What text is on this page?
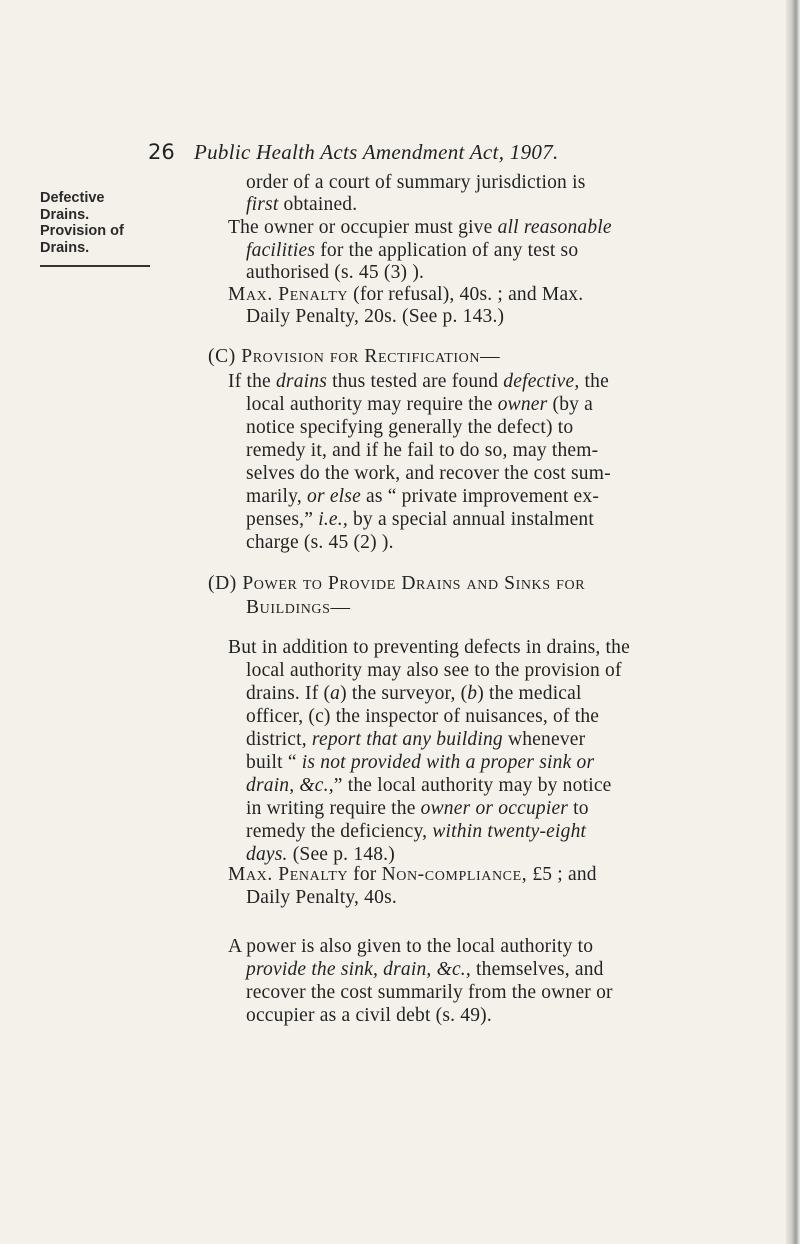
26 Public Health Acts Amendment Act, 1907.
Defective
Drains.
Provision of
Drains.
order of a court of summary jurisdiction is
first obtained.
The owner or occupier must give all reasonable
facilities for the application of any test so
authorised (s. 45 (3) ).
Max. Penalty (for refusal), 40s. ; and Max.
Daily Penalty, 20s. (See p. 143.)
(C) Provision for Rectification—
If the drains thus tested are found defective, the
local authority may require the owner (by a
notice specifying generally the defect) to
remedy it, and if he fail to do so, may them-
selves do the work, and recover the cost sum-
marily, or else as “ private improvement ex-
penses,” i.e., by a special annual instalment
charge (s. 45 (2) ).
(D) Power to Provide Drains and Sinks for
Buildings—
But in addition to preventing defects in drains, the
local authority may also see to the provision of
drains. If (a) the surveyor, (b) the medical
officer, (c) the inspector of nuisances, of the
district, report that any building whenever
built “ is not provided with a proper sink or
drain, &c.,” the local authority may by notice
in writing require the owner or occupier to
remedy the deficiency, within twenty-eight
days. (See p. 148.)
Max. Penalty for Non-compliance, £5 ; and
Daily Penalty, 40s.
A power is also given to the local authority to
provide the sink, drain, &c., themselves, and
recover the cost summarily from the owner or
occupier as a civil debt (s. 49).
